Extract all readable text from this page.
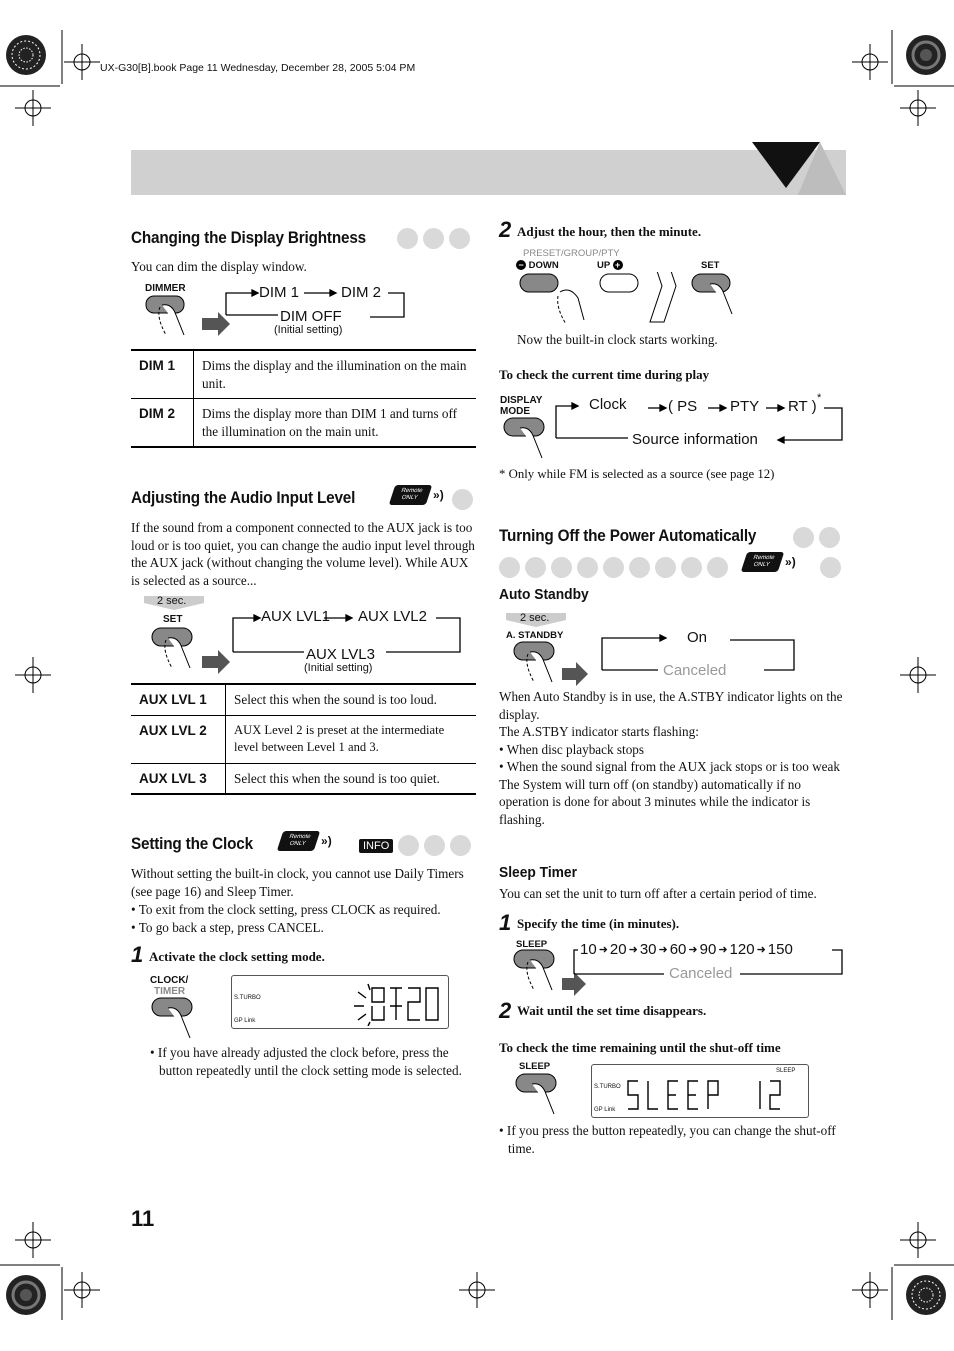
UX-G30[B].book Page 11 Wednesday, December 28, 2005 5:04 PM
Changing the Display Brightness
You can dim the display window.
DIMMER	DIM 1	DIM 2
DIM OFF
(Initial setting)
DIM 1	Dims the display and the illumination on the main unit.
DIM 2	Dims the display more than DIM 1 and turns off the illumination on the main unit.
Adjusting the Audio Input Level	Remote
ONLY »)
If the sound from a component connected to the AUX jack is too loud or is too quiet, you can change the audio input level through the AUX jack (without changing the volume level). While AUX is selected as a source...
2 sec.
SET	AUX LVL1 AUX LVL2
AUX LVL3
(Initial setting)
AUX LVL 1	Select this when the sound is too loud.
AUX LVL 2	AUX Level 2 is preset at the intermediate level between Level 1 and 3.
AUX LVL 3	Select this when the sound is too quiet.
Setting the Clock	Remote
ONLY »)	INFO
Without setting the built-in clock, you cannot use Daily Timers (see page 16) and Sleep Timer.
• To exit from the clock setting, press CLOCK as required.
• To go back a step, press CANCEL.
1 Activate the clock setting mode.
CLOCK/
TIMER
S.TURBO
GP Link
• If you have already adjusted the clock before, press the button repeatedly until the clock setting mode is selected.
11
2 Adjust the hour, then the minute.
PRESET/GROUP/PTY
− DOWN	UP +	SET
Now the built-in clock starts working.
To check the current time during play
DISPLAY
MODE	Clock	( PS PTY RT ) *
Source information
* Only while FM is selected as a source (see page 12)
Turning Off the Power Automatically
Remote
ONLY »)
Auto Standby
2 sec.
A. STANDBY	On
Canceled
When Auto Standby is in use, the A.STBY indicator lights on the display.
The A.STBY indicator starts flashing:
• When disc playback stops
• When the sound signal from the AUX jack stops or is too weak
The System will turn off (on standby) automatically if no operation is done for about 3 minutes while the indicator is flashing.
Sleep Timer
You can set the unit to turn off after a certain period of time.
1 Specify the time (in minutes).
SLEEP 10 ➜ 20 ➜ 30 ➜ 60 ➜ 90 ➜ 120 ➜ 150
Canceled
2 Wait until the set time disappears.
To check the time remaining until the shut-off time
SLEEP
S.TURBO
GP Link
SLEEP
• If you press the button repeatedly, you can change the shut-off time.
